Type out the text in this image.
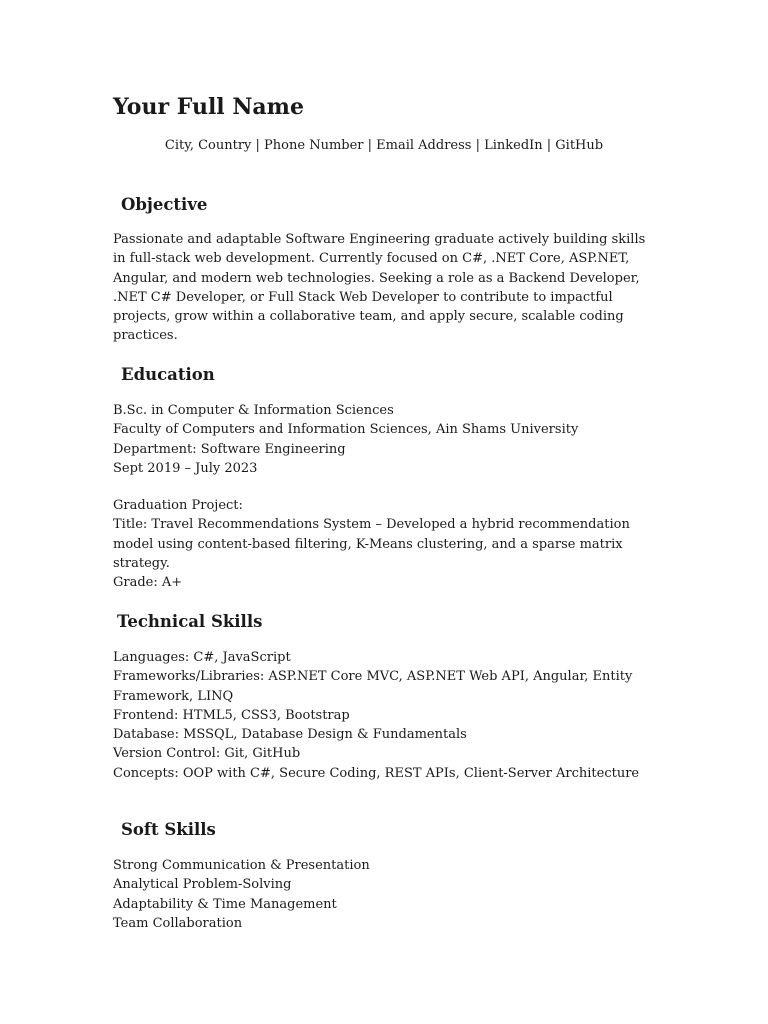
Your Full Name
City, Country | Phone Number | Email Address | LinkedIn | GitHub
Objective

Passionate and adaptable Software Engineering graduate actively building skills in full-stack web development. Currently focused on C#, .NET Core, ASP.NET, Angular, and modern web technologies. Seeking a role as a Backend Developer, .NET C# Developer, or Full Stack Web Developer to contribute to impactful projects, grow within a collaborative team, and apply secure, scalable coding practices.

Education
B.Sc. in Computer & Information Sciences
Faculty of Computers and Information Sciences, Ain Shams University
Department: Software Engineering
Sept 2019 – July 2023
Graduation Project:
Title: Travel Recommendations System – Developed a hybrid recommendation model using content-based filtering, K-Means clustering, and a sparse matrix strategy.
Grade: A+
Technical Skills
Languages: C#, JavaScript
Frameworks/Libraries: ASP.NET Core MVC, ASP.NET Web API, Angular, Entity Framework, LINQ
Frontend: HTML5, CSS3, Bootstrap
Database: MSSQL, Database Design & Fundamentals
Version Control: Git, GitHub
Concepts: OOP with C#, Secure Coding, REST APIs, Client-Server Architecture
Soft Skills
Strong Communication & Presentation
Analytical Problem-Solving
Adaptability & Time Management
Team Collaboration
